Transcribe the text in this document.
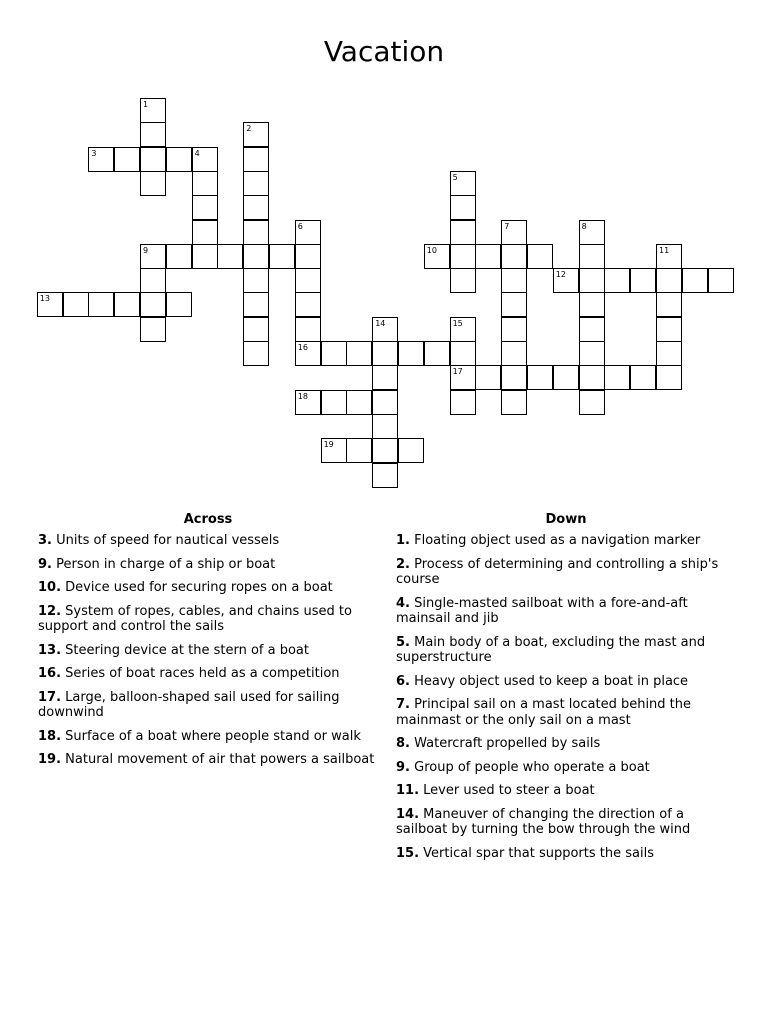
Vacation
1
2
3	4
5
6
16
7	8
9	10	11
12
13
14	15
17
18
19
Across
3. Units of speed for nautical vessels
9. Person in charge of a ship or boat
10. Device used for securing ropes on a boat
12. System of ropes, cables, and chains used to support and control the sails
13. Steering device at the stern of a boat
16. Series of boat races held as a competition
17. Large, balloon-shaped sail used for sailing downwind
18. Surface of a boat where people stand or walk
19. Natural movement of air that powers a sailboat
Down
1. Floating object used as a navigation marker
2. Process of determining and controlling a ship's course
4. Single-masted sailboat with a fore-and-aft mainsail and jib
5. Main body of a boat, excluding the mast and superstructure
6. Heavy object used to keep a boat in place
7. Principal sail on a mast located behind the mainmast or the only sail on a mast
8. Watercraft propelled by sails
9. Group of people who operate a boat
11. Lever used to steer a boat
14. Maneuver of changing the direction of a sailboat by turning the bow through the wind
15. Vertical spar that supports the sails
